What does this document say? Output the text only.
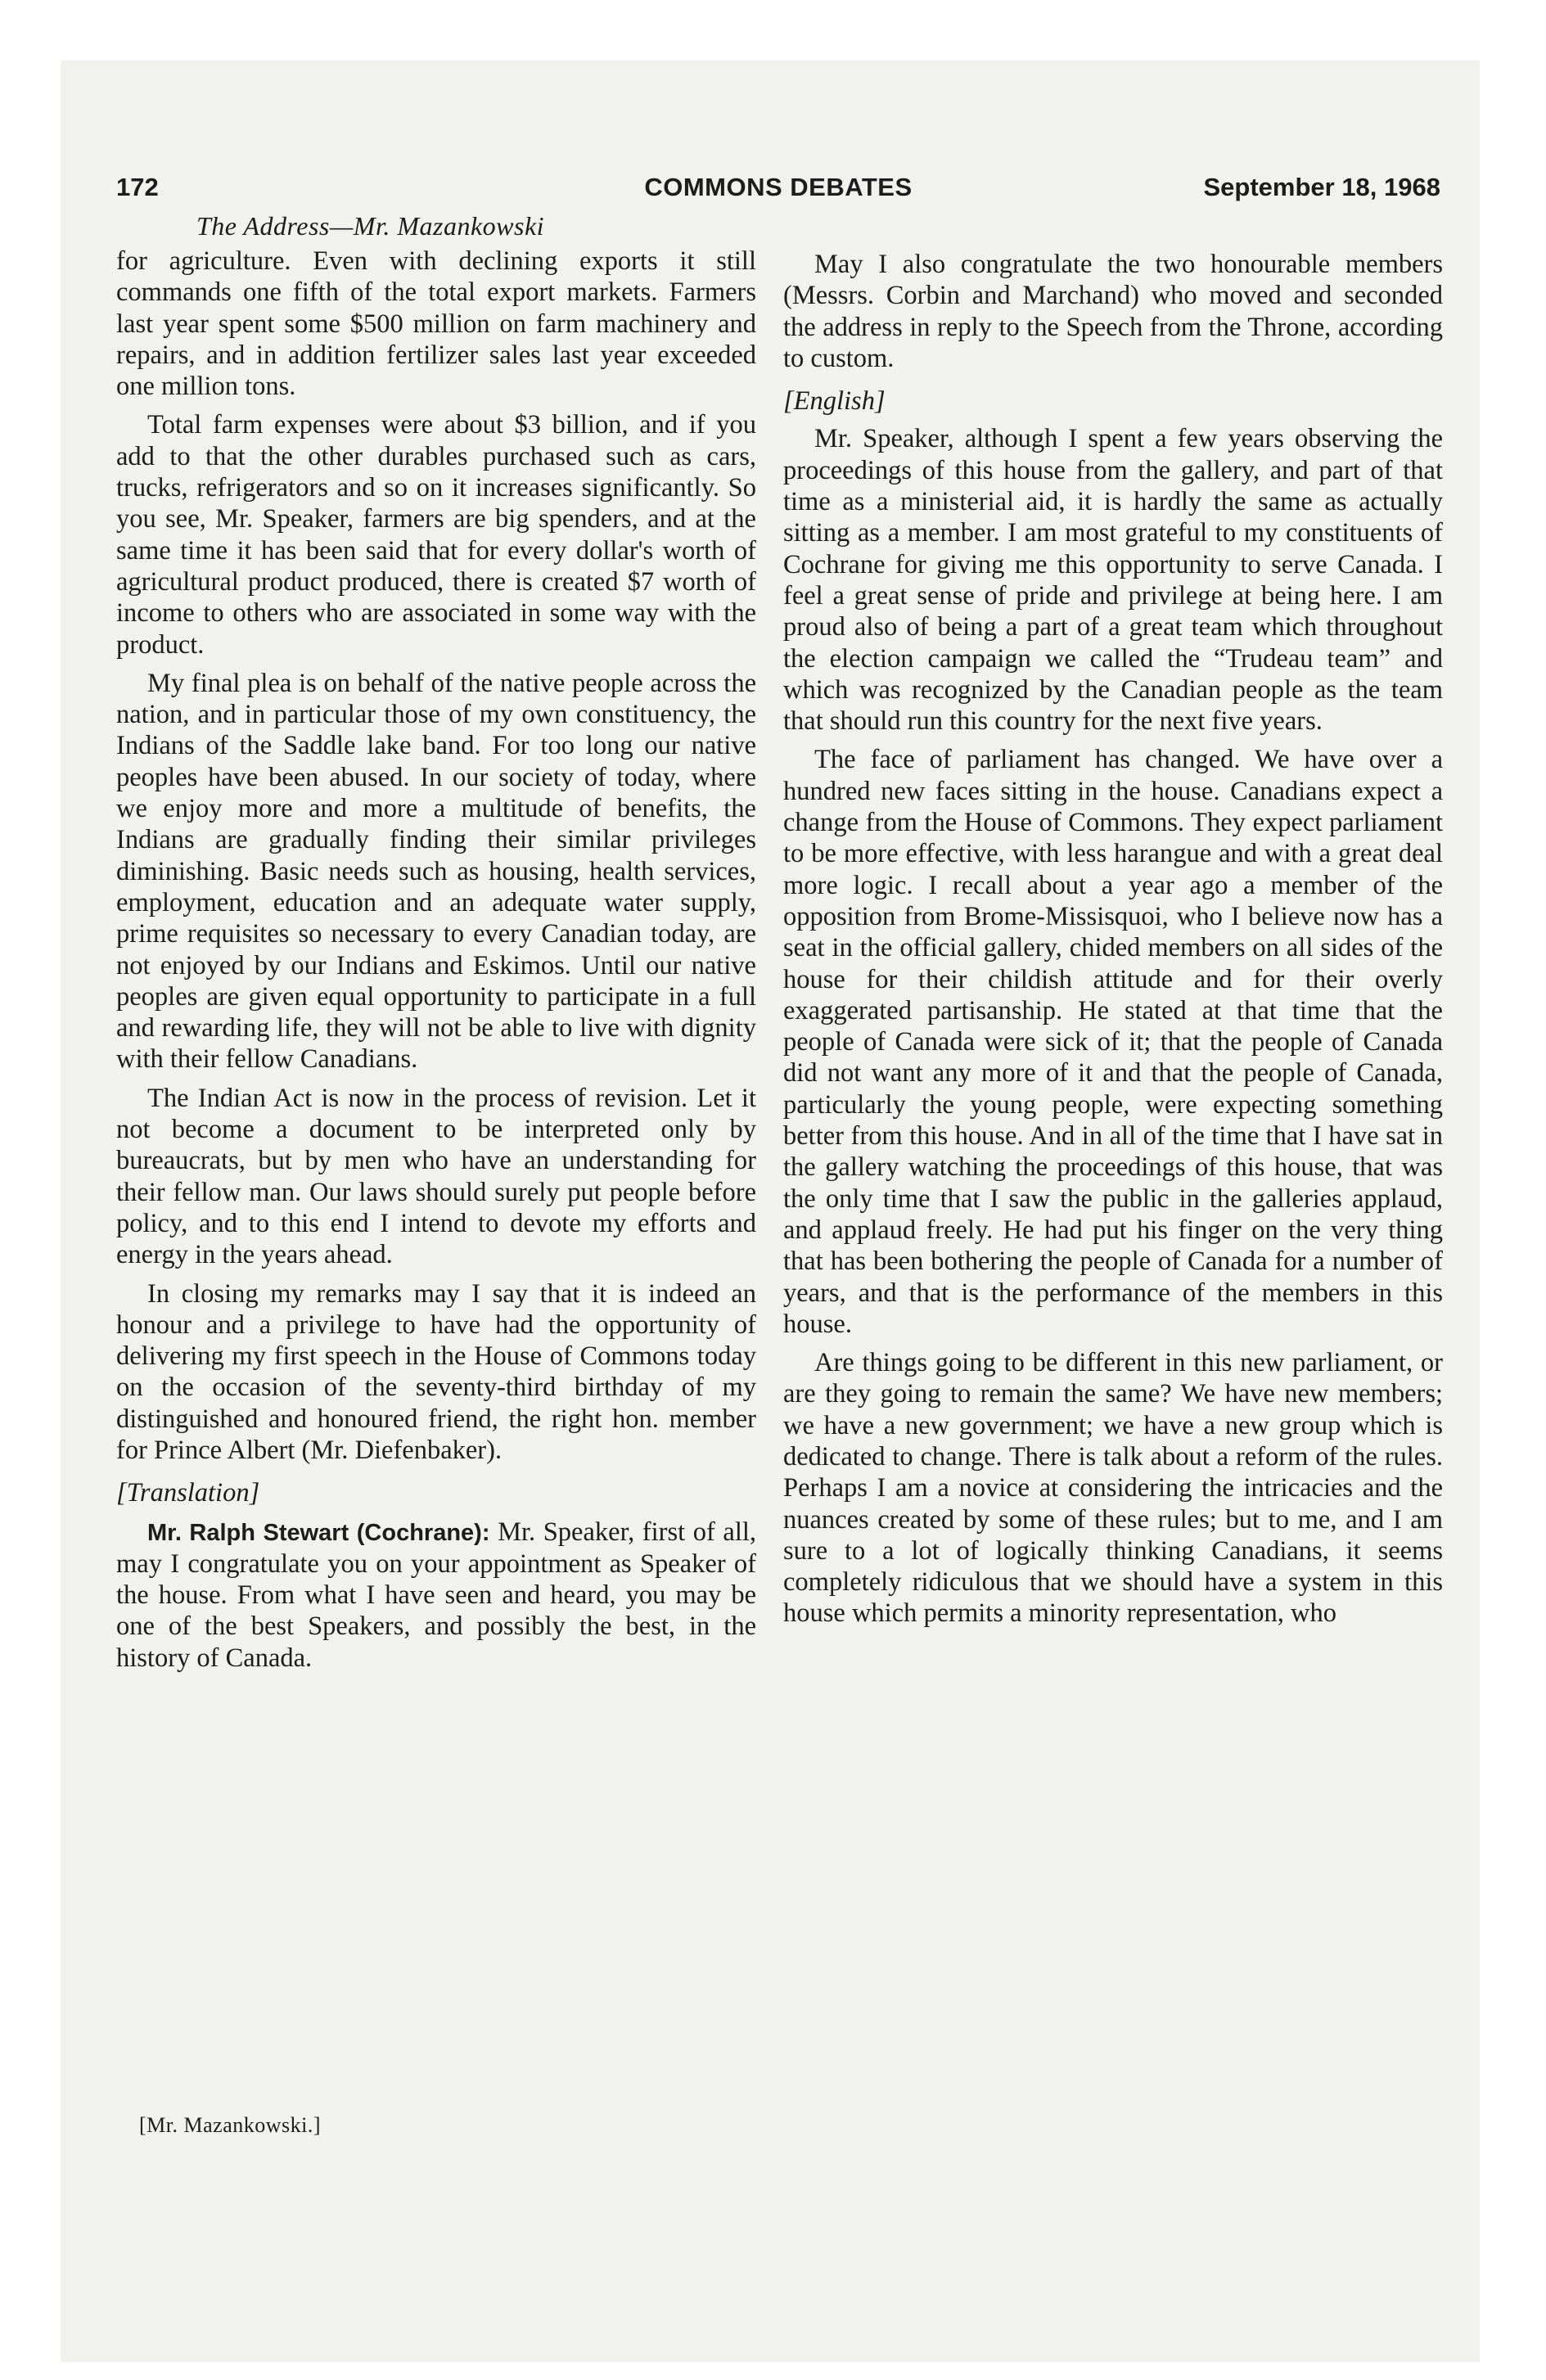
172	COMMONS DEBATES	September 18, 1968
The Address—Mr. Mazankowski

for agriculture. Even with declining exports it still commands one fifth of the total export markets. Farmers last year spent some $500 million on farm machinery and repairs, and in addition fertilizer sales last year exceeded one million tons.

Total farm expenses were about $3 billion, and if you add to that the other durables purchased such as cars, trucks, refrigerators and so on it increases significantly. So you see, Mr. Speaker, farmers are big spenders, and at the same time it has been said that for every dollar's worth of agricultural product produced, there is created $7 worth of income to others who are associated in some way with the product.

My final plea is on behalf of the native people across the nation, and in particular those of my own constituency, the Indians of the Saddle lake band. For too long our native peoples have been abused. In our society of today, where we enjoy more and more a multitude of benefits, the Indians are gradually finding their similar privileges diminishing. Basic needs such as housing, health services, employment, education and an adequate water supply, prime requisites so necessary to every Canadian today, are not enjoyed by our Indians and Eskimos. Until our native peoples are given equal opportunity to participate in a full and rewarding life, they will not be able to live with dignity with their fellow Canadians.

The Indian Act is now in the process of revision. Let it not become a document to be interpreted only by bureaucrats, but by men who have an understanding for their fellow man. Our laws should surely put people before policy, and to this end I intend to devote my efforts and energy in the years ahead.

In closing my remarks may I say that it is indeed an honour and a privilege to have had the opportunity of delivering my first speech in the House of Commons today on the occasion of the seventy-third birthday of my distinguished and honoured friend, the right hon. member for Prince Albert (Mr. Diefenbaker).

[Translation]

Mr. Ralph Stewart (Cochrane): Mr. Speaker, first of all, may I congratulate you on your appointment as Speaker of the house. From what I have seen and heard, you may be one of the best Speakers, and possibly the best, in the history of Canada.

[Mr. Mazankowski.]

May I also congratulate the two honourable members (Messrs. Corbin and Marchand) who moved and seconded the address in reply to the Speech from the Throne, according to custom.

[English]

Mr. Speaker, although I spent a few years observing the proceedings of this house from the gallery, and part of that time as a ministerial aid, it is hardly the same as actually sitting as a member. I am most grateful to my constituents of Cochrane for giving me this opportunity to serve Canada. I feel a great sense of pride and privilege at being here. I am proud also of being a part of a great team which throughout the election campaign we called the “Trudeau team” and which was recognized by the Canadian people as the team that should run this country for the next five years.

The face of parliament has changed. We have over a hundred new faces sitting in the house. Canadians expect a change from the House of Commons. They expect parliament to be more effective, with less harangue and with a great deal more logic. I recall about a year ago a member of the opposition from Brome-Missisquoi, who I believe now has a seat in the official gallery, chided members on all sides of the house for their childish attitude and for their overly exaggerated partisanship. He stated at that time that the people of Canada were sick of it; that the people of Canada did not want any more of it and that the people of Canada, particularly the young people, were expecting something better from this house. And in all of the time that I have sat in the gallery watching the proceedings of this house, that was the only time that I saw the public in the galleries applaud, and applaud freely. He had put his finger on the very thing that has been bothering the people of Canada for a number of years, and that is the performance of the members in this house.

Are things going to be different in this new parliament, or are they going to remain the same? We have new members; we have a new government; we have a new group which is dedicated to change. There is talk about a reform of the rules. Perhaps I am a novice at considering the intricacies and the nuances created by some of these rules; but to me, and I am sure to a lot of logically thinking Canadians, it seems completely ridiculous that we should have a system in this house which permits a minority representation, who
